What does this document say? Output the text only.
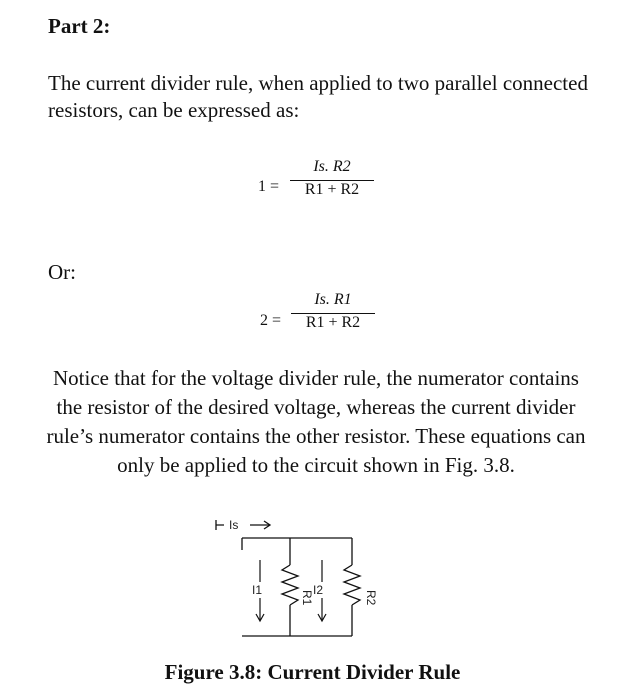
Part 2:

The current divider rule, when applied to two parallel connected resistors, can be expressed as:

1 =
Is. R2
R1 + R2

Or:

2 =
Is. R1
R1 + R2

Notice that for the voltage divider rule, the numerator contains the resistor of the desired voltage, whereas the current divider rule’s numerator contains the other resistor. These equations can only be applied to the circuit shown in Fig. 3.8.

Is
I1	I2
R1	R2

Figure 3.8: Current Divider Rule
